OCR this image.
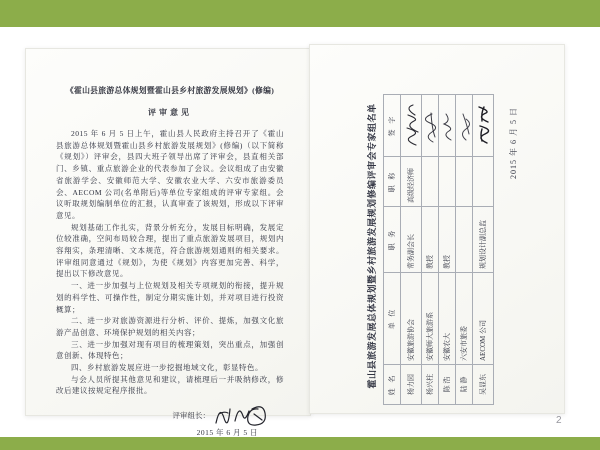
《霍山县旅游总体规划暨霍山县乡村旅游发展规划》(修编)
评审意见

2015 年 6 月 5 日上午，霍山县人民政府主持召开了《霍山县旅游总体规划暨霍山县乡村旅游发展规划》(修编)（以下简称《规划》）评审会，县四大班子领导出席了评审会，县直相关部门、乡镇、重点旅游企业的代表参加了会议。会议组成了由安徽省旅游学会、安徽师范大学、安徽农业大学、六安市旅游委员会、AECOM 公司(名单附后)等单位专家组成的评审专家组。会议听取规划编制单位的汇报，认真审查了该规划，形成以下评审意见。

规划基础工作扎实，背景分析充分，发展目标明确，发展定位较准确，空间布局较合理，提出了重点旅游发展项目，规划内容翔实，条理清晰、文本规范，符合旅游规划通则的相关要求。评审组同意通过《规划》，为使《规划》内容更加完善、科学，提出以下修改意见。

一、进一步加强与上位规划及相关专项规划的衔接，提升规划的科学性、可操作性，制定分期实施计划，并对项目进行投资概算；

二、进一步对旅游资源进行分析、评价、提炼，加强文化旅游产品创意、环境保护规划的相关内容；

三、进一步加强对现有项目的梳理策划，突出重点，加强创意创新、体现特色；

四、乡村旅游发展应进一步挖掘地域文化，彰显特色。

与会人员所提其他意见和建议，请梳理后一并吸纳修改，修改后建议按规定程序报批。

评审组长：
2015 年 6 月 5 日
霍山县旅游发展总体规划暨乡村旅游发展规划修编评审会专家组名单 姓 名	单 位	职 务	职 称	签 字
杨力园	安徽旅游协会	常务副会长	高级经济师	
杨兴柱	安徽师大旅游系	教授		
陈 浩	安徽农大	教授		
陆 静	六安市旅委			
吴显东	AECOM 公司	规划设计副总监		
2015 年 6 月 5 日
2
